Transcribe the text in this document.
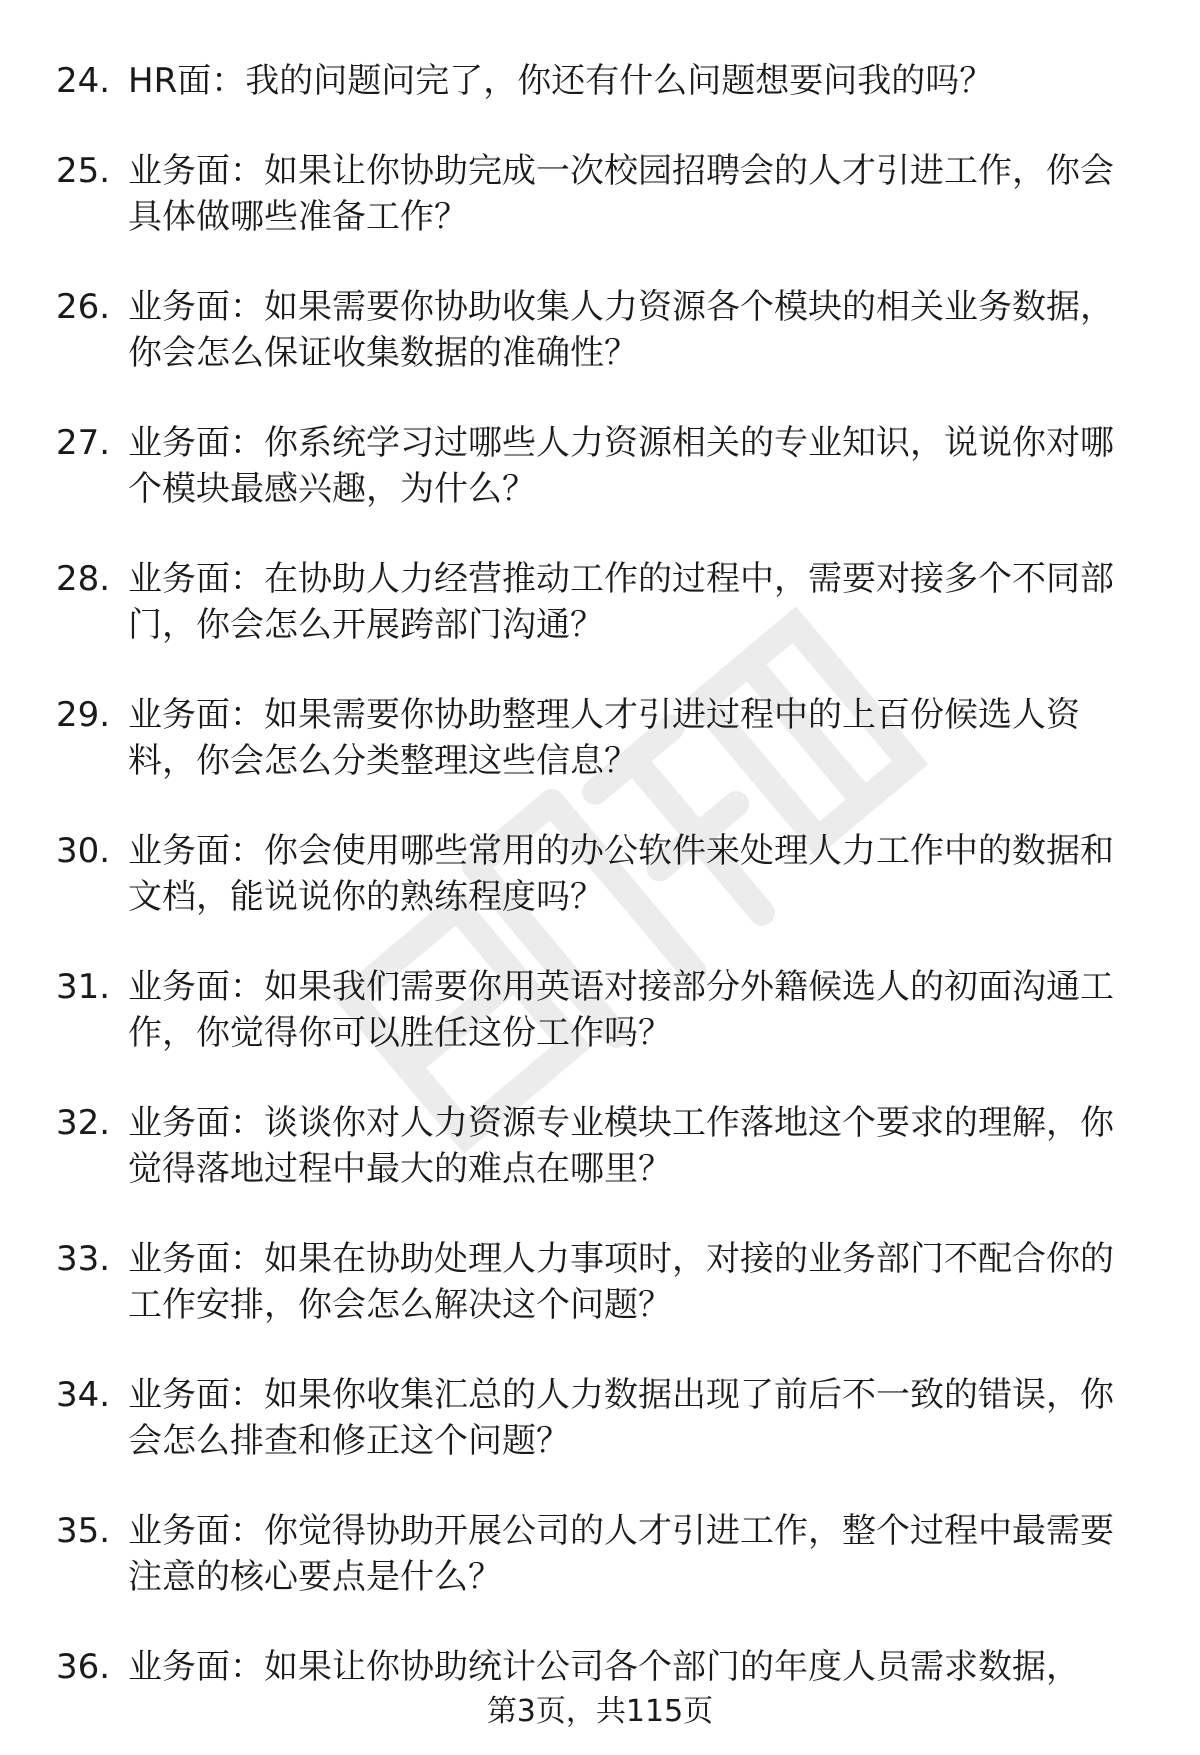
24. HR面：我的问题问完了，你还有什么问题想要问我的吗？
25. 业务面：如果让你协助完成一次校园招聘会的人才引进工作，你会具体做哪些准备工作？
26. 业务面：如果需要你协助收集人力资源各个模块的相关业务数据，你会怎么保证收集数据的准确性？
27. 业务面：你系统学习过哪些人力资源相关的专业知识，说说你对哪个模块最感兴趣，为什么？
28. 业务面：在协助人力经营推动工作的过程中，需要对接多个不同部门，你会怎么开展跨部门沟通？
29. 业务面：如果需要你协助整理人才引进过程中的上百份候选人资料，你会怎么分类整理这些信息？
30. 业务面：你会使用哪些常用的办公软件来处理人力工作中的数据和文档，能说说你的熟练程度吗？
31. 业务面：如果我们需要你用英语对接部分外籍候选人的初面沟通工作，你觉得你可以胜任这份工作吗？
32. 业务面：谈谈你对人力资源专业模块工作落地这个要求的理解，你觉得落地过程中最大的难点在哪里？
33. 业务面：如果在协助处理人力事项时，对接的业务部门不配合你的工作安排，你会怎么解决这个问题？
34. 业务面：如果你收集汇总的人力数据出现了前后不一致的错误，你会怎么排查和修正这个问题？
35. 业务面：你觉得协助开展公司的人才引进工作，整个过程中最需要注意的核心要点是什么？
36. 业务面：如果让你协助统计公司各个部门的年度人员需求数据，
第3页，共115页
